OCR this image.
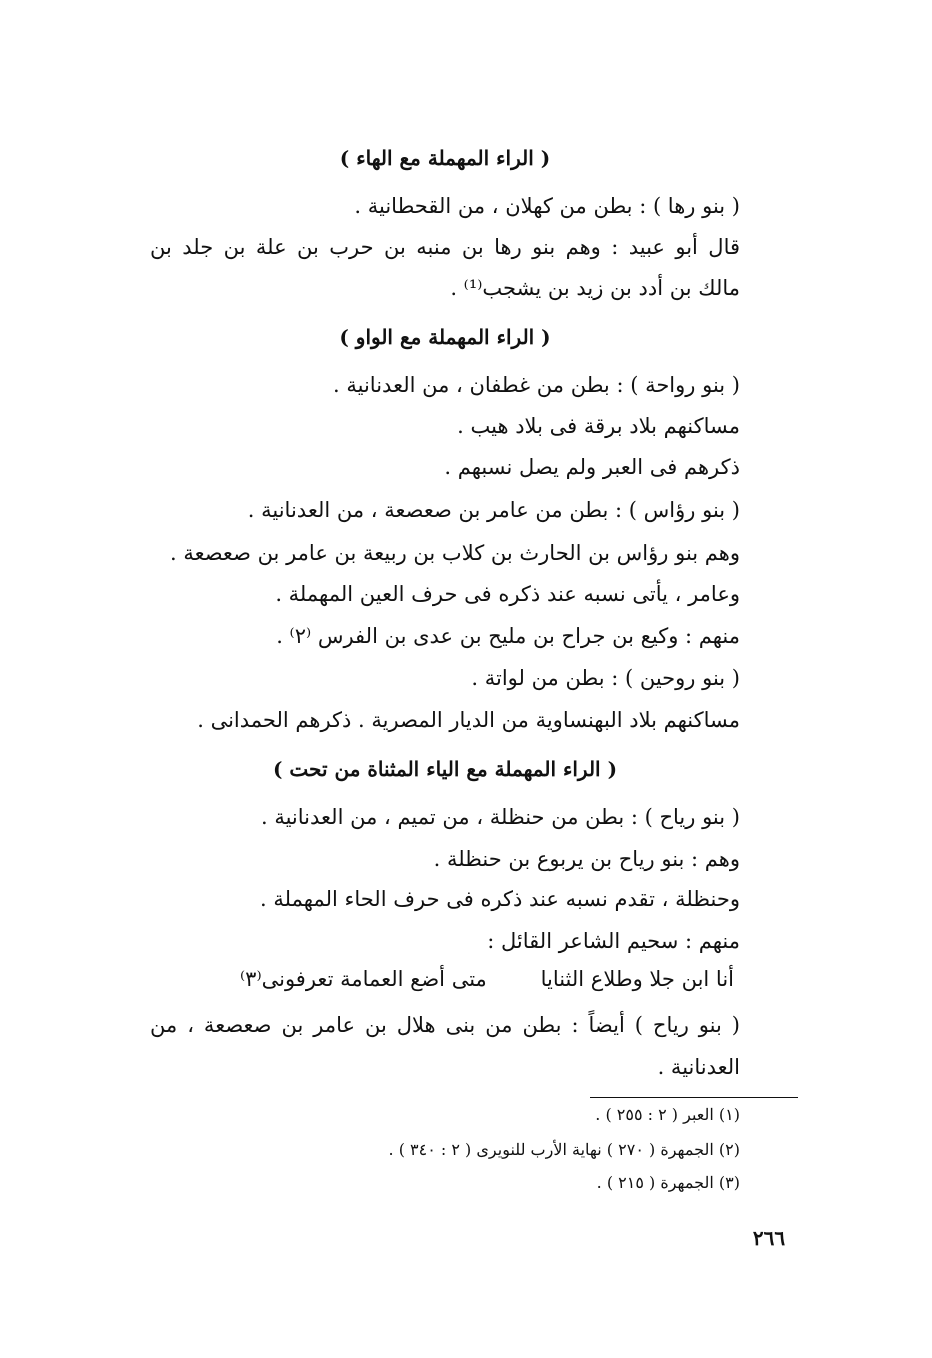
( الراء المهملة مع الهاء )
( بنو رها ) : بطن من كهلان ، من القحطانية .
قال أبو عبيد : وهم بنو رها بن منبه بن حرب بن علة بن جلد بن
مالك بن أدد بن زيد بن يشجب⁽¹⁾ .
( الراء المهملة مع الواو )
( بنو رواحة ) : بطن من غطفان ، من العدنانية .
مساكنهم بلاد برقة فى بلاد هيب .
ذكرهم فى العبر ولم يصل نسبهم .
( بنو رؤاس ) : بطن من عامر بن صعصعة ، من العدنانية .
وهم بنو رؤاس بن الحارث بن كلاب بن ربيعة بن عامر بن صعصعة .
وعامر ، يأتى نسبه عند ذكره فى حرف العين المهملة .
منهم : وكيع بن جراح بن مليح بن عدى بن الفرس ⁽٢⁾ .
( بنو روحين ) : بطن من لواتة .
مساكنهم بلاد البهنساوية من الديار المصرية . ذكرهم الحمدانى .
( الراء المهملة مع الياء المثناة من تحت )
( بنو رياح ) : بطن من حنظلة ، من تميم ، من العدنانية .
وهم : بنو رياح بن يربوع بن حنظلة .
وحنظلة ، تقدم نسبه عند ذكره فى حرف الحاء المهملة .
منهم : سحيم الشاعر القائل :
أنا ابن جلا وطلاع الثنايا
متى أضع العمامة تعرفونى⁽٣⁾
( بنو رياح ) أيضاً : بطن من بنى هلال بن عامر بن صعصعة ، من
العدنانية .
(١) العبر ( ٢ : ٢٥٥ ) .
(٢) الجمهرة ( ٢٧٠ ) نهاية الأرب للنويرى ( ٢ : ٣٤٠ ) .
(٣) الجمهرة ( ٢١٥ ) .
٢٦٦
